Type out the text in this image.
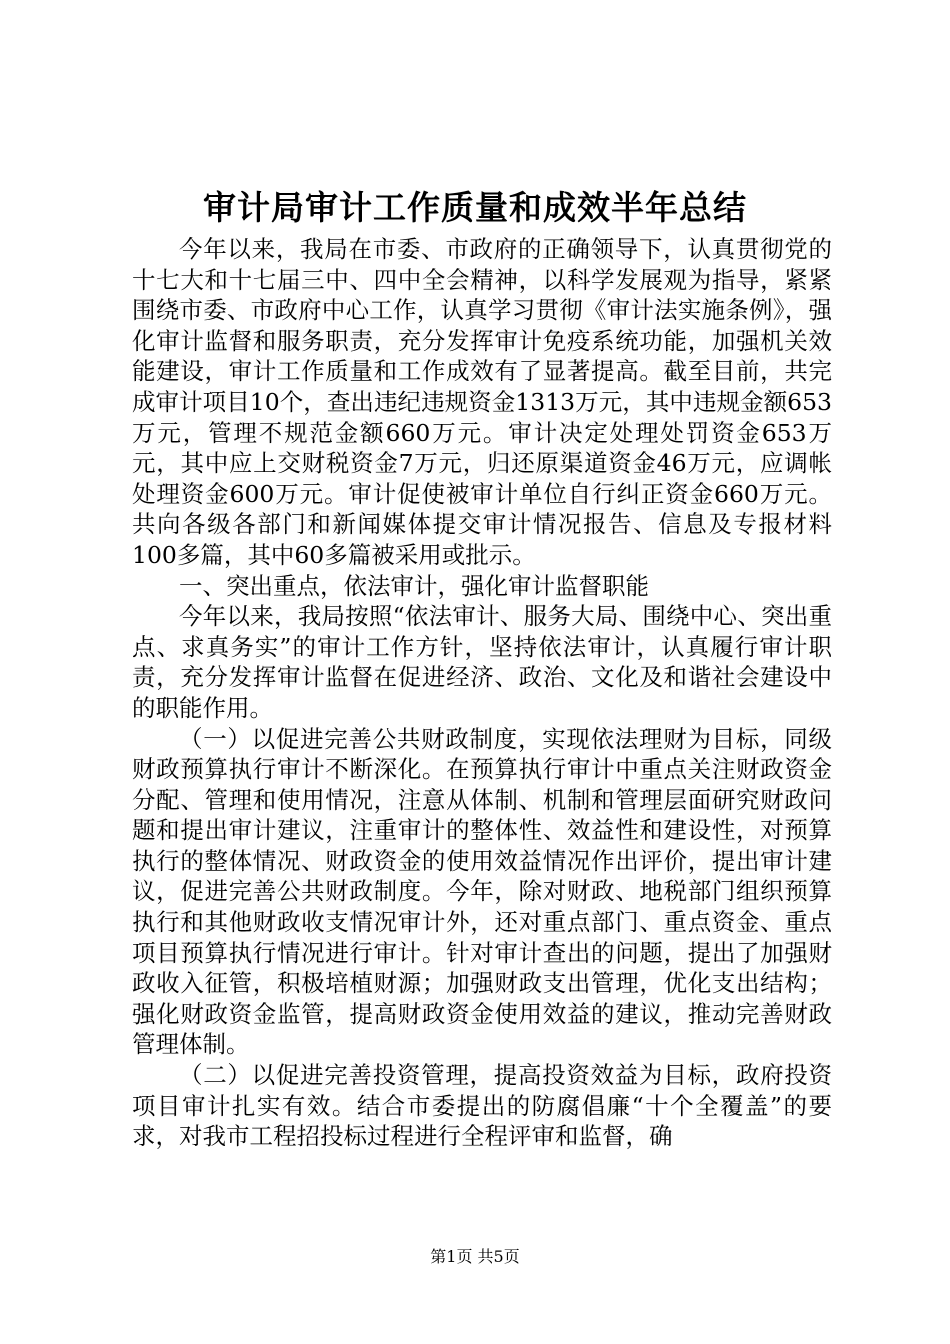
审计局审计工作质量和成效半年总结

今年以来，我局在市委、市政府的正确领导下，认真贯彻党的十七大和十七届三中、四中全会精神，以科学发展观为指导，紧紧围绕市委、市政府中心工作，认真学习贯彻《审计法实施条例》，强化审计监督和服务职责，充分发挥审计免疫系统功能，加强机关效能建设，审计工作质量和工作成效有了显著提高。截至目前，共完成审计项目10个，查出违纪违规资金1313万元，其中违规金额653万元，管理不规范金额660万元。审计决定处理处罚资金653万元，其中应上交财税资金7万元，归还原渠道资金46万元，应调帐处理资金600万元。审计促使被审计单位自行纠正资金660万元。共向各级各部门和新闻媒体提交审计情况报告、信息及专报材料100多篇，其中60多篇被采用或批示。

一、突出重点，依法审计，强化审计监督职能

今年以来，我局按照“依法审计、服务大局、围绕中心、突出重点、求真务实”的审计工作方针，坚持依法审计，认真履行审计职责，充分发挥审计监督在促进经济、政治、文化及和谐社会建设中的职能作用。

（一）以促进完善公共财政制度，实现依法理财为目标，同级财政预算执行审计不断深化。在预算执行审计中重点关注财政资金分配、管理和使用情况，注意从体制、机制和管理层面研究财政问题和提出审计建议，注重审计的整体性、效益性和建设性，对预算执行的整体情况、财政资金的使用效益情况作出评价，提出审计建议，促进完善公共财政制度。今年，除对财政、地税部门组织预算执行和其他财政收支情况审计外，还对重点部门、重点资金、重点项目预算执行情况进行审计。针对审计查出的问题，提出了加强财政收入征管，积极培植财源；加强财政支出管理，优化支出结构；强化财政资金监管，提高财政资金使用效益的建议，推动完善财政管理体制。

（二）以促进完善投资管理，提高投资效益为目标，政府投资项目审计扎实有效。结合市委提出的防腐倡廉“十个全覆盖”的要求，对我市工程招投标过程进行全程评审和监督，确

第1页 共5页
